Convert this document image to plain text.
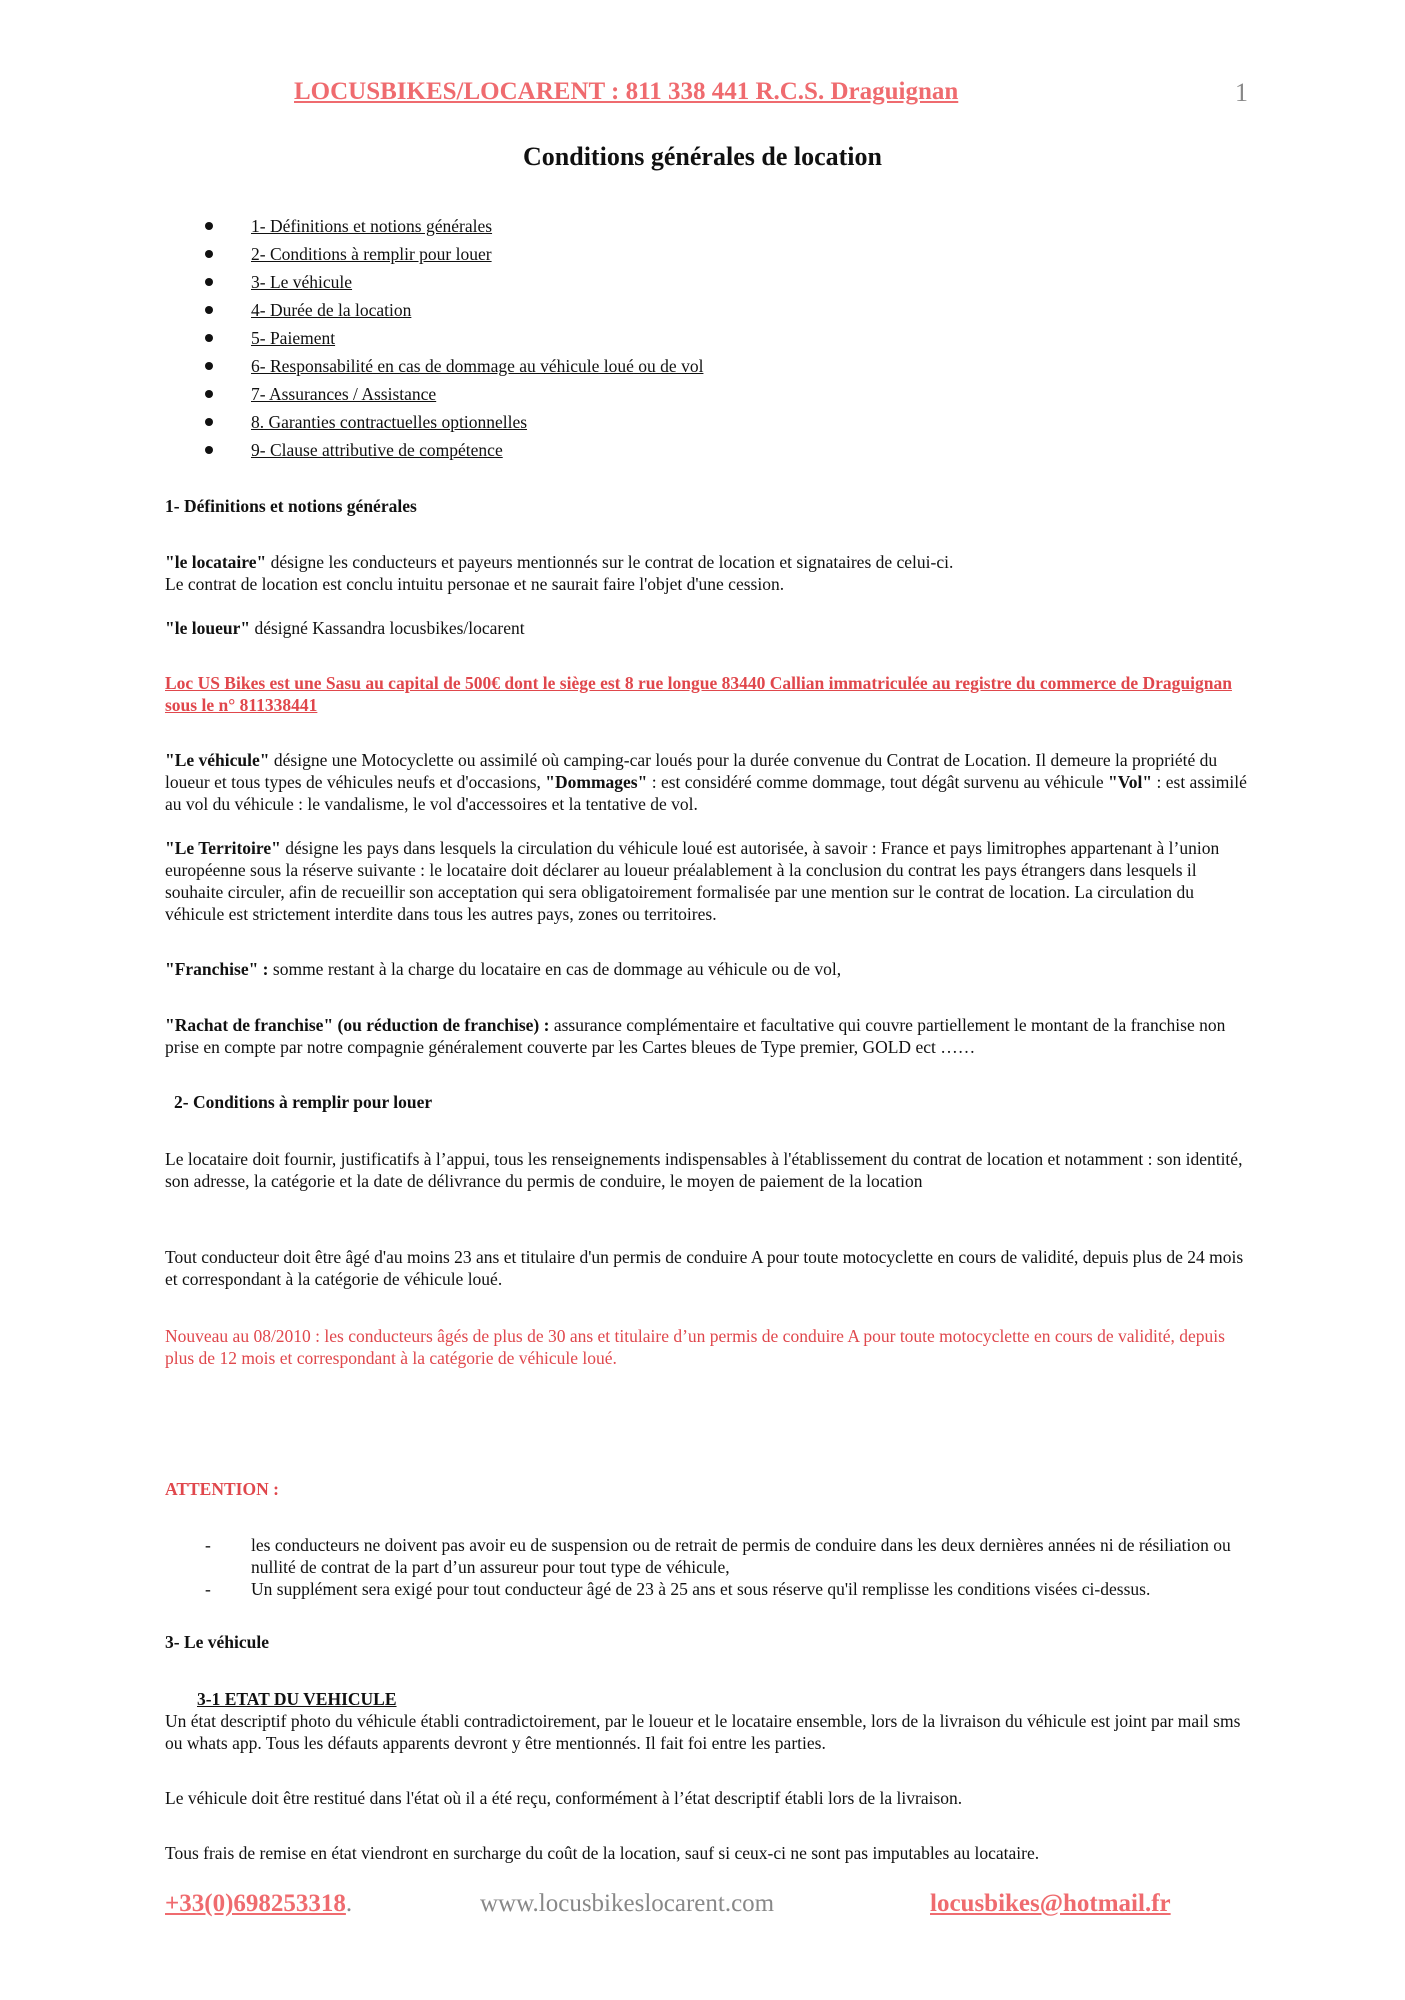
LOCUSBIKES/LOCARENT : 811 338 441 R.C.S. Draguignan	1
Conditions générales de location
1- Définitions et notions générales
2- Conditions à remplir pour louer
3- Le véhicule
4- Durée de la location
5- Paiement
6- Responsabilité en cas de dommage au véhicule loué ou de vol
7- Assurances / Assistance
8. Garanties contractuelles optionnelles
9- Clause attributive de compétence
1- Définitions et notions générales
"le locataire" désigne les conducteurs et payeurs mentionnés sur le contrat de location et signataires de celui-ci.
Le contrat de location est conclu intuitu personae et ne saurait faire l'objet d'une cession.
"le loueur" désigné Kassandra locusbikes/locarent
Loc US Bikes est une Sasu au capital de 500€ dont le siège est 8 rue longue 83440 Callian immatriculée au registre du commerce de Draguignan sous le n° 811338441
"Le véhicule" désigne une Motocyclette ou assimilé où camping-car loués pour la durée convenue du Contrat de Location. Il demeure la propriété du loueur et tous types de véhicules neufs et d'occasions, "Dommages" : est considéré comme dommage, tout dégât survenu au véhicule "Vol" : est assimilé au vol du véhicule : le vandalisme, le vol d'accessoires et la tentative de vol.
"Le Territoire" désigne les pays dans lesquels la circulation du véhicule loué est autorisée, à savoir : France et pays limitrophes appartenant à l’union européenne sous la réserve suivante : le locataire doit déclarer au loueur préalablement à la conclusion du contrat les pays étrangers dans lesquels il souhaite circuler, afin de recueillir son acceptation qui sera obligatoirement formalisée par une mention sur le contrat de location. La circulation du véhicule est strictement interdite dans tous les autres pays, zones ou territoires.
"Franchise" : somme restant à la charge du locataire en cas de dommage au véhicule ou de vol,
"Rachat de franchise" (ou réduction de franchise) : assurance complémentaire et facultative qui couvre partiellement le montant de la franchise non prise en compte par notre compagnie généralement couverte par les Cartes bleues de Type premier, GOLD ect ……
2- Conditions à remplir pour louer
Le locataire doit fournir, justificatifs à l’appui, tous les renseignements indispensables à l'établissement du contrat de location et notamment : son identité, son adresse, la catégorie et la date de délivrance du permis de conduire, le moyen de paiement de la location
Tout conducteur doit être âgé d'au moins 23 ans et titulaire d'un permis de conduire A pour toute motocyclette en cours de validité, depuis plus de 24 mois et correspondant à la catégorie de véhicule loué.
Nouveau au 08/2010 : les conducteurs âgés de plus de 30 ans et titulaire d’un permis de conduire A pour toute motocyclette en cours de validité, depuis plus de 12 mois et correspondant à la catégorie de véhicule loué.
ATTENTION :
- les conducteurs ne doivent pas avoir eu de suspension ou de retrait de permis de conduire dans les deux dernières années ni de résiliation ou nullité de contrat de la part d’un assureur pour tout type de véhicule,
- Un supplément sera exigé pour tout conducteur âgé de 23 à 25 ans et sous réserve qu'il remplisse les conditions visées ci-dessus.
3- Le véhicule
3-1 ETAT DU VEHICULE
Un état descriptif photo du véhicule établi contradictoirement, par le loueur et le locataire ensemble, lors de la livraison du véhicule est joint par mail sms ou whats app. Tous les défauts apparents devront y être mentionnés. Il fait foi entre les parties.
Le véhicule doit être restitué dans l'état où il a été reçu, conformément à l’état descriptif établi lors de la livraison.
Tous frais de remise en état viendront en surcharge du coût de la location, sauf si ceux-ci ne sont pas imputables au locataire.
+33(0)698253318.	www.locusbikeslocarent.com	locusbikes@hotmail.fr
